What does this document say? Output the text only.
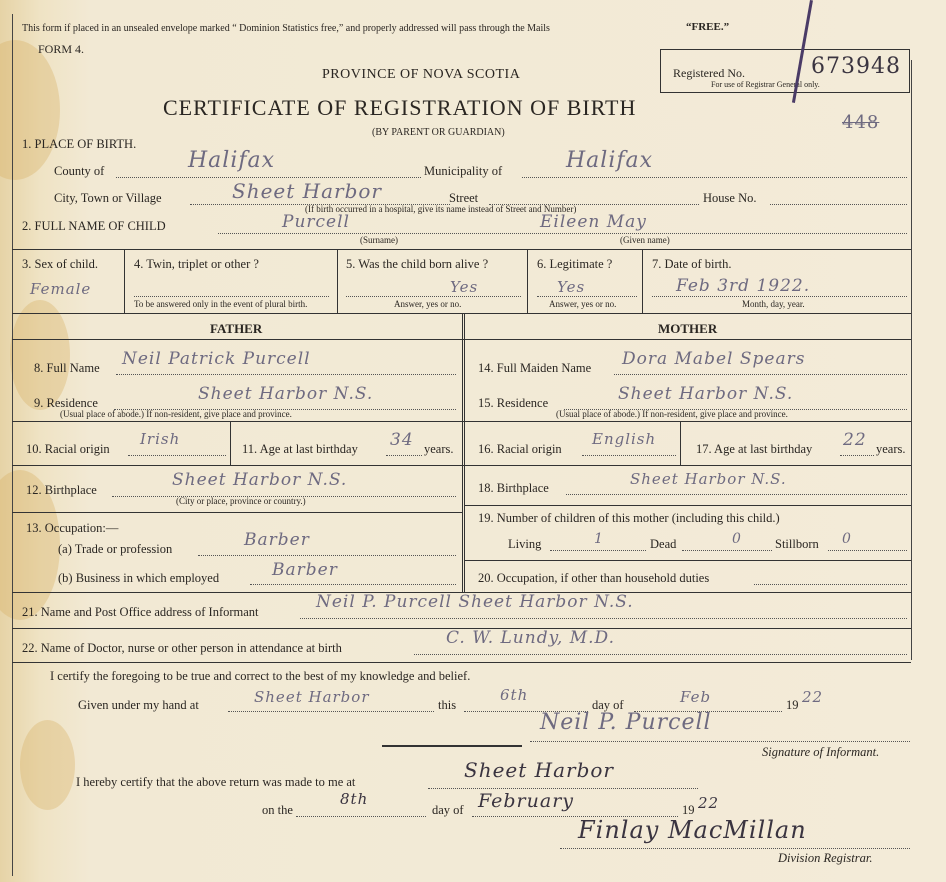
This form if placed in an unsealed envelope marked “ Dominion Statistics free,” and properly addressed will pass through the Mails	“FREE.”
FORM 4.
PROVINCE OF NOVA SCOTIA
CERTIFICATE OF REGISTRATION OF BIRTH
(BY PARENT OR GUARDIAN)
Registered No.	673948
For use of Registrar General only.
448
1. PLACE OF BIRTH.
County of	Halifax	Municipality of	Halifax
City, Town or Village	Sheet Harbor	Street	House No.
(If birth occurred in a hospital, give its name instead of Street and Number)
2. FULL NAME OF CHILD	Purcell	Eileen May
(Surname)	(Given name)
3. Sex of child.
Female
4. Twin, triplet or other ?
To be answered only in the event of plural birth.
5. Was the child born alive ?
Yes
Answer, yes or no.
6. Legitimate ?
Yes
Answer, yes or no.
7. Date of birth.
Feb 3rd 1922.
Month, day, year.
FATHER	MOTHER
8. Full Name Neil Patrick Purcell	14. Full Maiden Name Dora Mabel Spears
9. Residence	Sheet Harbor N.S.
(Usual place of abode.) If non-resident, give place and province.
15. Residence	Sheet Harbor N.S.
(Usual place of abode.) If non-resident, give place and province.
10. Racial origin
Irish
11. Age at last birthday 34 years. 16. Racial origin
English
17. Age at last birthday 22 years.
12. Birthplace	Sheet Harbor N.S.
(City or place, province or country.)
18. Birthplace	Sheet Harbor N.S.
13. Occupation:—
(a) Trade or profession	Barber
(b) Business in which employed	Barber
19. Number of children of this mother (including this child.)
Living	1	Dead	0	Stillborn 0
20. Occupation, if other than household duties
21. Name and Post Office address of Informant	Neil P. Purcell Sheet Harbor N.S.
22. Name of Doctor, nurse or other person in attendance at birth	C. W. Lundy, M.D.
I certify the foregoing to be true and correct to the best of my knowledge and belief.
Given under my hand at	Sheet Harbor	this
6th
day of	Feb	19 22
Neil P. Purcell
Signature of Informant.
I hereby certify that the above return was made to me at	Sheet Harbor
on the
8th
day of February	19 22
Finlay MacMillan
Division Registrar.
